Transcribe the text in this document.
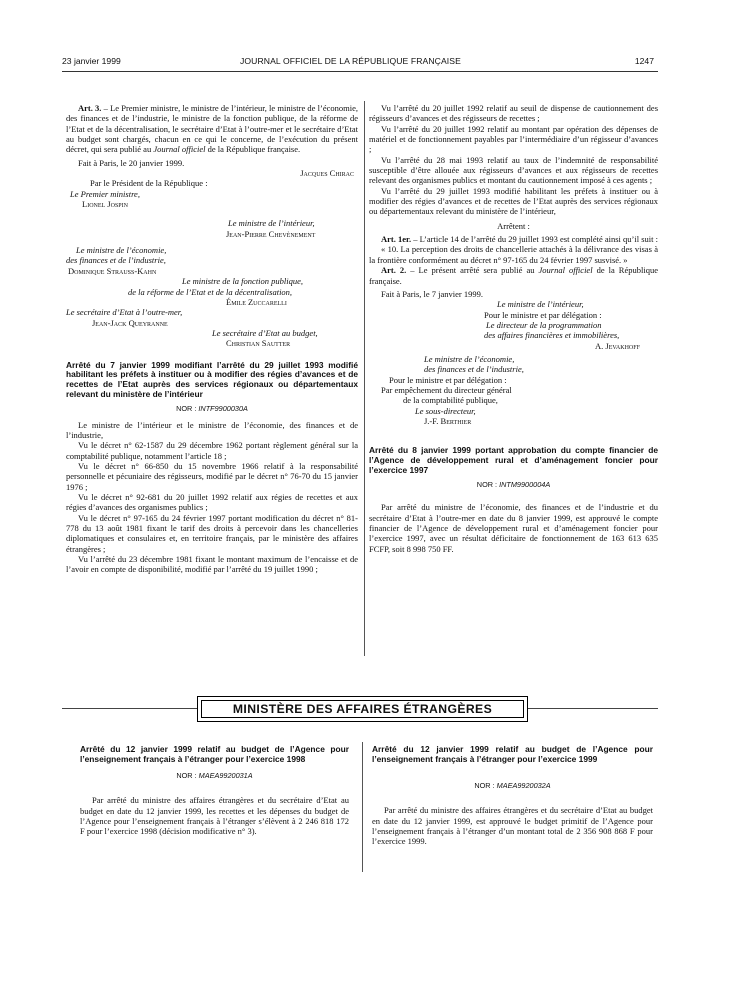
23 janvier 1999	JOURNAL OFFICIEL DE LA RÉPUBLIQUE FRANÇAISE	1247

Art. 3. – Le Premier ministre, le ministre de l’intérieur, le ministre de l’économie, des finances et de l’industrie, le ministre de la fonction publique, de la réforme de l’Etat et de la décentralisation, le secrétaire d’Etat à l’outre-mer et le secrétaire d’Etat au budget sont chargés, chacun en ce qui le concerne, de l’exécution du présent décret, qui sera publié au Journal officiel de la République française.

Fait à Paris, le 20 janvier 1999.

Jacques Chirac

Par le Président de la République :

Le Premier ministre,

Lionel Jospin

Le ministre de l’intérieur,

Jean-Pierre Chevènement

Le ministre de l’économie,

des finances et de l’industrie,

Dominique Strauss-Kahn

Le ministre de la fonction publique,

de la réforme de l’Etat et de la décentralisation,

Émile Zuccarelli

Le secrétaire d’Etat à l’outre-mer,

Jean-Jack Queyranne

Le secrétaire d’Etat au budget,

Christian Sautter

Arrêté du 7 janvier 1999 modifiant l’arrêté du 29 juillet 1993 modifié habilitant les préfets à instituer ou à modifier des régies d’avances et de recettes de l’Etat auprès des services régionaux ou départementaux relevant du ministère de l’intérieur

NOR : INTF9900030A

Le ministre de l’intérieur et le ministre de l’économie, des finances et de l’industrie,

Vu le décret n° 62-1587 du 29 décembre 1962 portant règlement général sur la comptabilité publique, notamment l’article 18 ;

Vu le décret n° 66-850 du 15 novembre 1966 relatif à la responsabilité personnelle et pécuniaire des régisseurs, modifié par le décret n° 76-70 du 15 janvier 1976 ;

Vu le décret n° 92-681 du 20 juillet 1992 relatif aux régies de recettes et aux régies d’avances des organismes publics ;

Vu le décret n° 97-165 du 24 février 1997 portant modification du décret n° 81-778 du 13 août 1981 fixant le tarif des droits à percevoir dans les chancelleries diplomatiques et consulaires et, en territoire français, par le ministère des affaires étrangères ;

Vu l’arrêté du 23 décembre 1981 fixant le montant maximum de l’encaisse et de l’avoir en compte de disponibilité, modifié par l’arrêté du 19 juillet 1990 ;

Vu l’arrêté du 20 juillet 1992 relatif au seuil de dispense de cautionnement des régisseurs d’avances et des régisseurs de recettes ;

Vu l’arrêté du 20 juillet 1992 relatif au montant par opération des dépenses de matériel et de fonctionnement payables par l’intermédiaire d’un régisseur d’avances ;

Vu l’arrêté du 28 mai 1993 relatif au taux de l’indemnité de responsabilité susceptible d’être allouée aux régisseurs d’avances et aux régisseurs de recettes relevant des organismes publics et montant du cautionnement imposé à ces agents ;

Vu l’arrêté du 29 juillet 1993 modifié habilitant les préfets à instituer ou à modifier des régies d’avances et de recettes de l’Etat auprès des services régionaux ou départementaux relevant du ministère de l’intérieur,

Arrêtent :

Art. 1er. – L’article 14 de l’arrêté du 29 juillet 1993 est complété ainsi qu’il suit :

« 10. La perception des droits de chancellerie attachés à la délivrance des visas à la frontière conformément au décret n° 97-165 du 24 février 1997 susvisé. »

Art. 2. – Le présent arrêté sera publié au Journal officiel de la République française.

Fait à Paris, le 7 janvier 1999.

Le ministre de l’intérieur,

Pour le ministre et par délégation :

Le directeur de la programmation

des affaires financières et immobilières,

A. Jevakhoff

Le ministre de l’économie,

des finances et de l’industrie,

Pour le ministre et par délégation :

Par empêchement du directeur général

de la comptabilité publique,

Le sous-directeur,

J.-F. Berthier

Arrêté du 8 janvier 1999 portant approbation du compte financier de l’Agence de développement rural et d’aménagement foncier pour l’exercice 1997

NOR : INTM9900004A

Par arrêté du ministre de l’économie, des finances et de l’industrie et du secrétaire d’Etat à l’outre-mer en date du 8 janvier 1999, est approuvé le compte financier de l’Agence de développement rural et d’aménagement foncier pour l’exercice 1997, avec un résultat déficitaire de fonctionnement de 163 613 635 FCFP, soit 8 998 750 FF.

MINISTÈRE DES AFFAIRES ÉTRANGÈRES

Arrêté du 12 janvier 1999 relatif au budget de l’Agence pour l’enseignement français à l’étranger pour l’exercice 1998

NOR : MAEA9920031A

Par arrêté du ministre des affaires étrangères et du secrétaire d’Etat au budget en date du 12 janvier 1999, les recettes et les dépenses du budget de l’Agence pour l’enseignement français à l’étranger s’élèvent à 2 246 818 172 F pour l’exercice 1998 (décision modificative n° 3).

Arrêté du 12 janvier 1999 relatif au budget de l’Agence pour l’enseignement français à l’étranger pour l’exercice 1999

NOR : MAEA9920032A

Par arrêté du ministre des affaires étrangères et du secrétaire d’Etat au budget en date du 12 janvier 1999, est approuvé le budget primitif de l’Agence pour l’enseignement français à l’étranger d’un montant total de 2 356 908 868 F pour l’exercice 1999.
